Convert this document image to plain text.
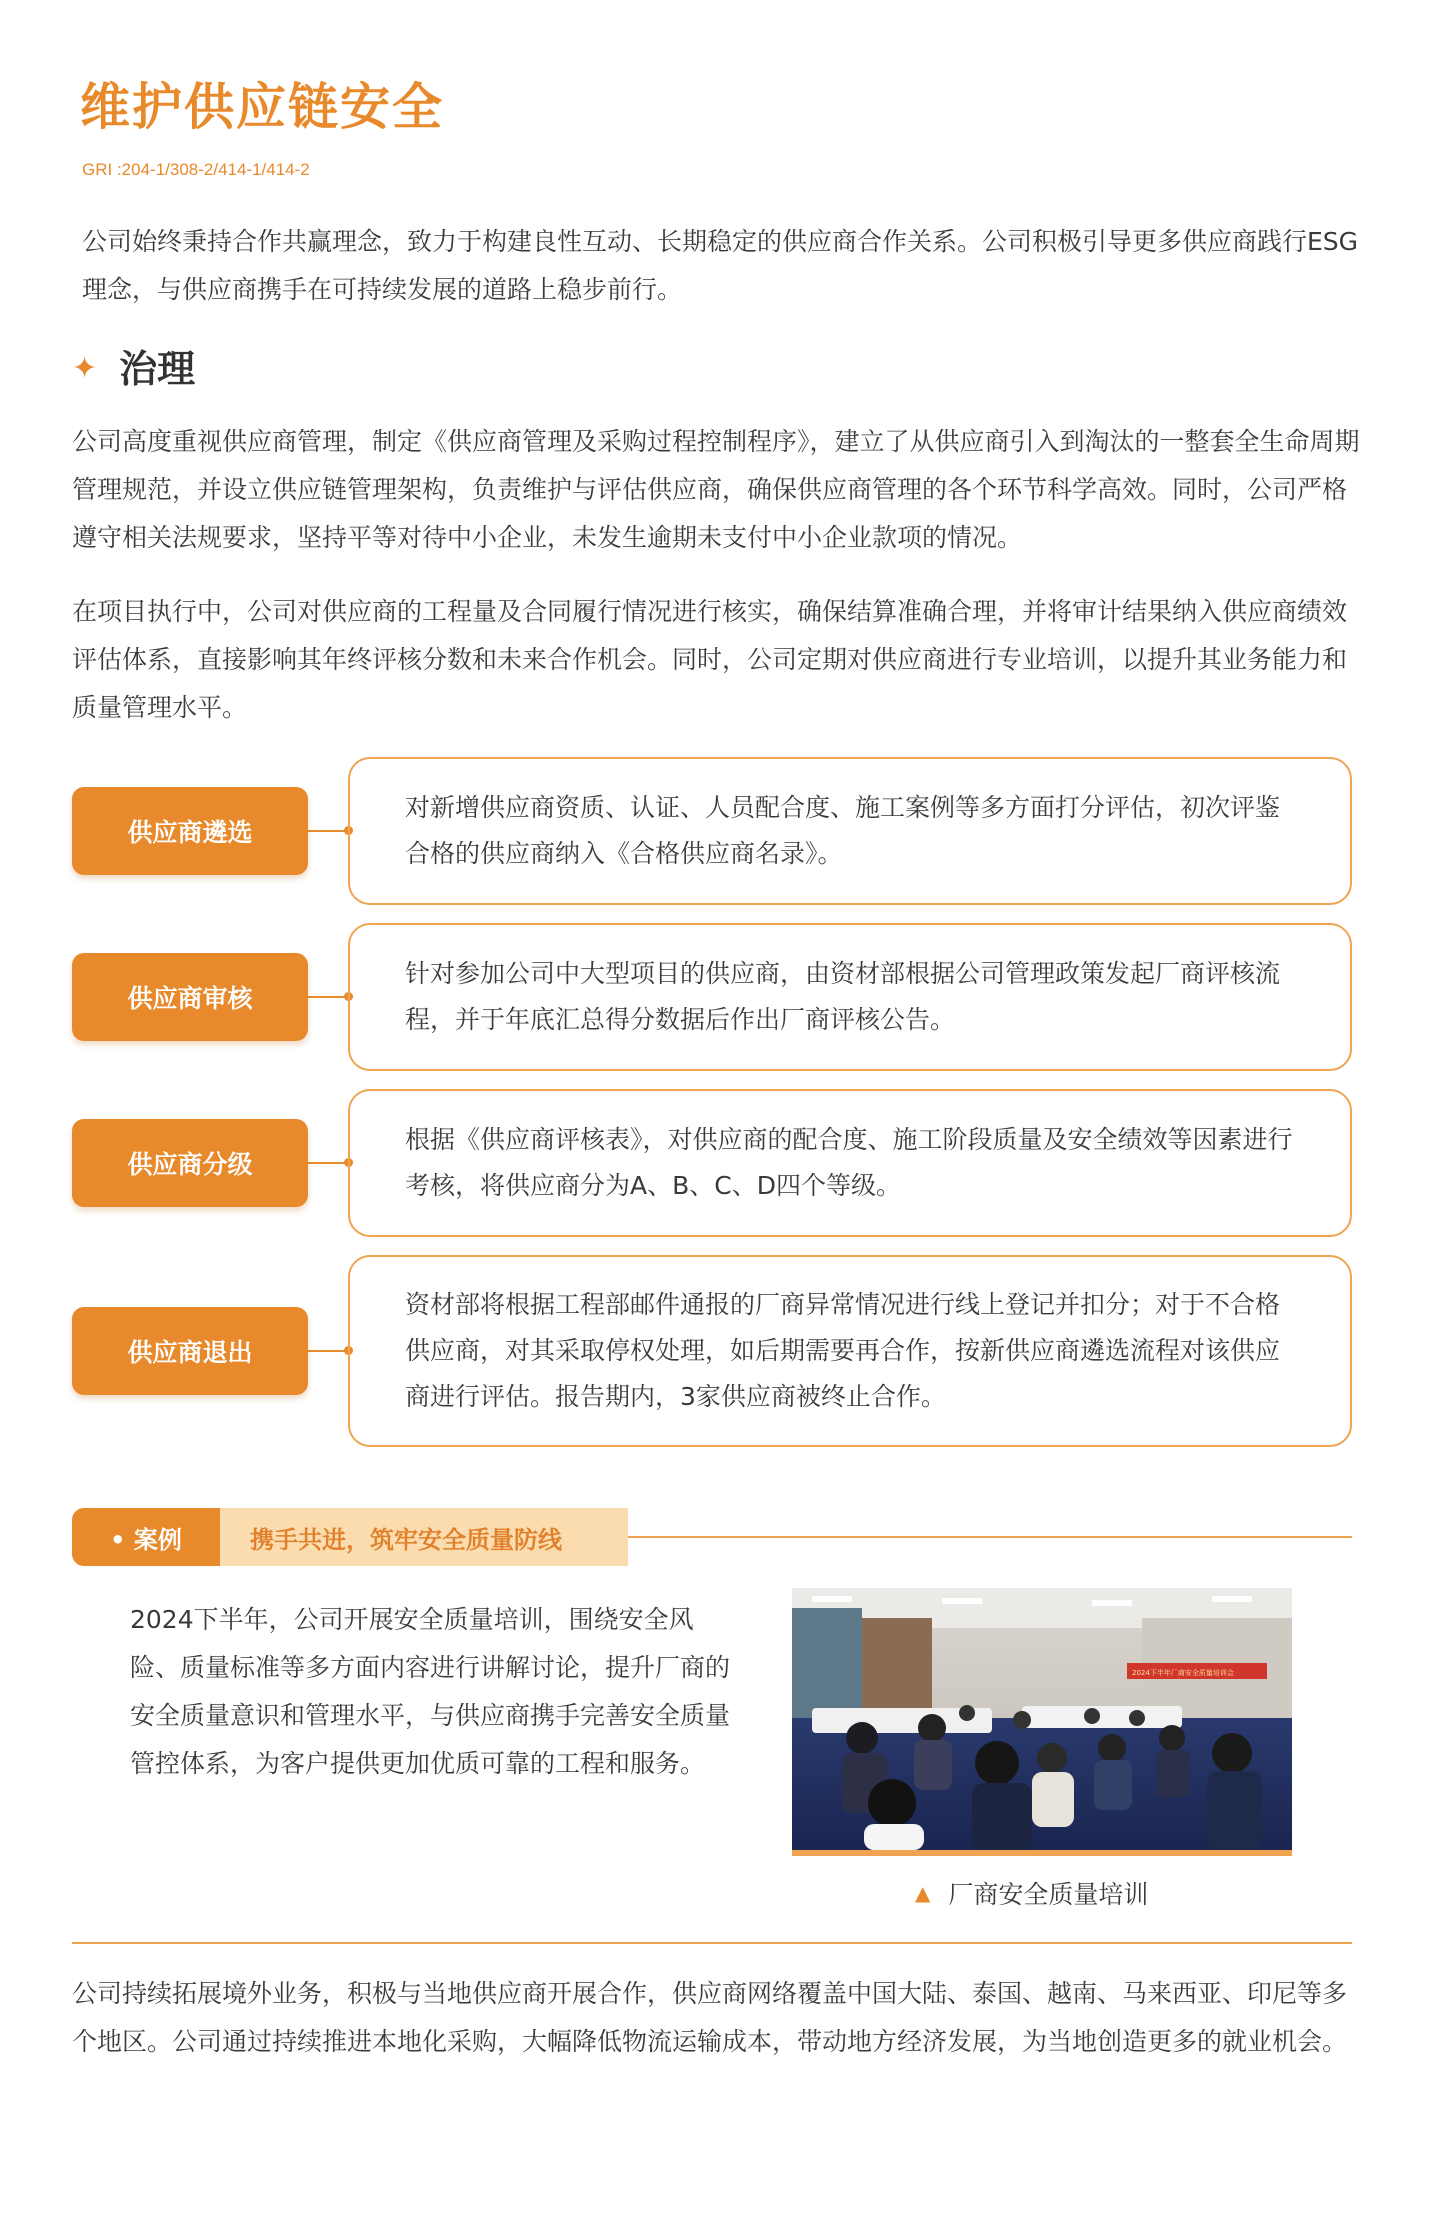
维护供应链安全
GRI :204-1/308-2/414-1/414-2

公司始终秉持合作共赢理念，致力于构建良性互动、长期稳定的供应商合作关系。公司积极引导更多供应商践行ESG理念，与供应商携手在可持续发展的道路上稳步前行。

✦ 治理

公司高度重视供应商管理，制定《供应商管理及采购过程控制程序》，建立了从供应商引入到淘汰的一整套全生命周期管理规范，并设立供应链管理架构，负责维护与评估供应商，确保供应商管理的各个环节科学高效。同时，公司严格遵守相关法规要求，坚持平等对待中小企业，未发生逾期未支付中小企业款项的情况。

在项目执行中，公司对供应商的工程量及合同履行情况进行核实，确保结算准确合理，并将审计结果纳入供应商绩效评估体系，直接影响其年终评核分数和未来合作机会。同时，公司定期对供应商进行专业培训，以提升其业务能力和质量管理水平。

供应商遴选
对新增供应商资质、认证、人员配合度、施工案例等多方面打分评估，初次评鉴合格的供应商纳入《合格供应商名录》。
供应商审核
针对参加公司中大型项目的供应商，由资材部根据公司管理政策发起厂商评核流程，并于年底汇总得分数据后作出厂商评核公告。
供应商分级
根据《供应商评核表》，对供应商的配合度、施工阶段质量及安全绩效等因素进行考核，将供应商分为A、B、C、D四个等级。
供应商退出
资材部将根据工程部邮件通报的厂商异常情况进行线上登记并扣分；对于不合格供应商，对其采取停权处理，如后期需要再合作，按新供应商遴选流程对该供应商进行评估。报告期内，3家供应商被终止合作。
• 案例	携手共进，筑牢安全质量防线

2024下半年，公司开展安全质量培训，围绕安全风险、质量标准等多方面内容进行讲解讨论，提升厂商的安全质量意识和管理水平，与供应商携手完善安全质量管控体系，为客户提供更加优质可靠的工程和服务。

2024下半年厂商安全质量培训会
▲ 厂商安全质量培训

公司持续拓展境外业务，积极与当地供应商开展合作，供应商网络覆盖中国大陆、泰国、越南、马来西亚、印尼等多个地区。公司通过持续推进本地化采购，大幅降低物流运输成本，带动地方经济发展，为当地创造更多的就业机会。
